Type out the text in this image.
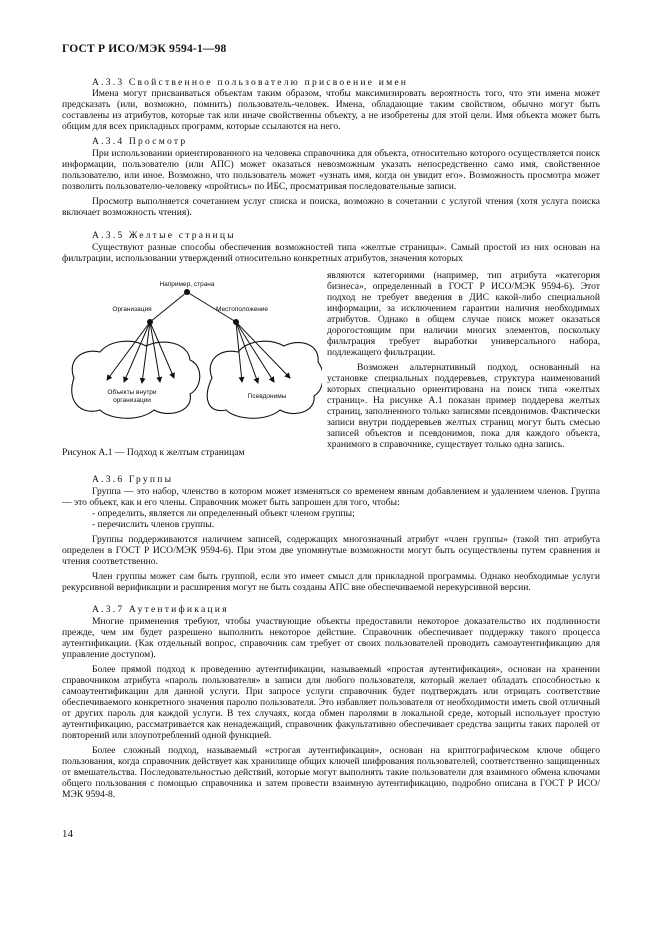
ГОСТ Р ИСО/МЭК 9594-1—98
А.3.3 Свойственное пользователю присвоение имен

Имена могут присваиваться объектам таким образом, чтобы максимизировать вероятность того, что эти имена может предсказать (или, возможно, помнить) пользователь-человек. Имена, обладающие таким свойством, обычно могут быть составлены из атрибутов, которые так или иначе свойственны объекту, а не изобретены для этой цели. Имя объекта может быть общим для всех прикладных программ, которые ссылаются на него.

А.3.4 Просмотр

При использовании ориентированного на человека справочника для объекта, относительно которого осуществляется поиск информации, пользователю (или АПС) может оказаться невозможным указать непосредственно само имя, свойственное пользователю, или иное. Возможно, что пользователь может «узнать имя, когда он увидит его». Возможность просмотра может позволить пользователю-человеку «пройтись» по ИБС, просматривая последовательные записи.

Просмотр выполняется сочетанием услуг списка и поиска, возможно в сочетании с услугой чтения (хотя услуга поиска включает возможность чтения).

А.3.5 Желтые страницы

Существуют разные способы обеспечения возможностей типа «желтые страницы». Самый простой из них основан на фильтрации, использовании утверждений относительно конкретных атрибутов, значения которых

являются категориями (например, тип атрибута «категория бизнеса», определенный в ГОСТ Р ИСО/МЭК 9594-6). Этот подход не требует введения в ДИС какой-либо специальной информации, за исключением гарантии наличия необходимых атрибутов. Однако в общем случае поиск может оказаться дорогостоящим при наличии многих элементов, поскольку фильтрация требует выработки универсального набора, подлежащего фильтрации.

Возможен альтернативный подход, основанный на установке специальных поддеревьев, структура наименований которых специально ориентирована на поиск типа «желтых страниц». На рисунке А.1 показан пример поддерева желтых страниц, заполненного только записями псевдонимов. Фактически записи внутри поддеревьев желтых страниц могут быть смесью записей объектов и псевдонимов, пока для каждого объекта, хранимого в справочнике, существует только одна запись.

Например, страна
Организация	Местоположение
Объекты внутри организации
Псевдонимы
Рисунок А.1 — Подход к желтым страницам
А.3.6 Группы

Группа — это набор, членство в котором может изменяться со временем явным добавлением и удалением членов. Группа — это объект, как и его члены. Справочник может быть запрошен для того, чтобы:

- определить, является ли определенный объект членом группы;

- перечислить членов группы.

Группы поддерживаются наличием записей, содержащих многозначный атрибут «член группы» (такой тип атрибута определен в ГОСТ Р ИСО/МЭК 9594-6). При этом две упомянутые возможности могут быть осуществлены путем сравнения и чтения соответственно.

Член группы может сам быть группой, если это имеет смысл для прикладной программы. Однако необходимые услуги рекурсивной верификации и расширения могут не быть созданы АПС вне обеспечиваемой нерекурсивной версии.

А.3.7 Аутентификация

Многие применения требуют, чтобы участвующие объекты предоставили некоторое доказательство их подлинности прежде, чем им будет разрешено выполнить некоторое действие. Справочник обеспечивает поддержку такого процесса аутентификации. (Как отдельный вопрос, справочник сам требует от своих пользователей проводить самоаутентификацию для управление доступом).

Более прямой подход к проведению аутентификации, называемый «простая аутентификация», основан на хранении справочником атрибута «пароль пользователя» в записи для любого пользователя, который желает обладать способностью к самоаутентификации для данной услуги. При запросе услуги справочник будет подтверждать или отрицать соответствие обеспечиваемого конкретного значения паролю пользователя. Это избавляет пользователя от необходимости иметь свой отличный от других пароль для каждой услуги. В тех случаях, когда обмен паролями в локальной среде, который использует простую аутентификацию, рассматривается как ненадежащий, справочник факультативно обеспечивает средства защиты таких паролей от повторений или злоупотреблений одной функцией.

Более сложный подход, называемый «строгая аутентификация», основан на криптографическом ключе общего пользования, когда справочник действует как хранилище общих ключей шифрования пользователей, соответственно защищенных от вмешательства. Последовательностью действий, которые могут выполнять такие пользователи для взаимного обмена ключами общего пользования с помощью справочника и затем провести взаимную аутентификацию, подробно описана в ГОСТ Р ИСО/МЭК 9594-8.

14
